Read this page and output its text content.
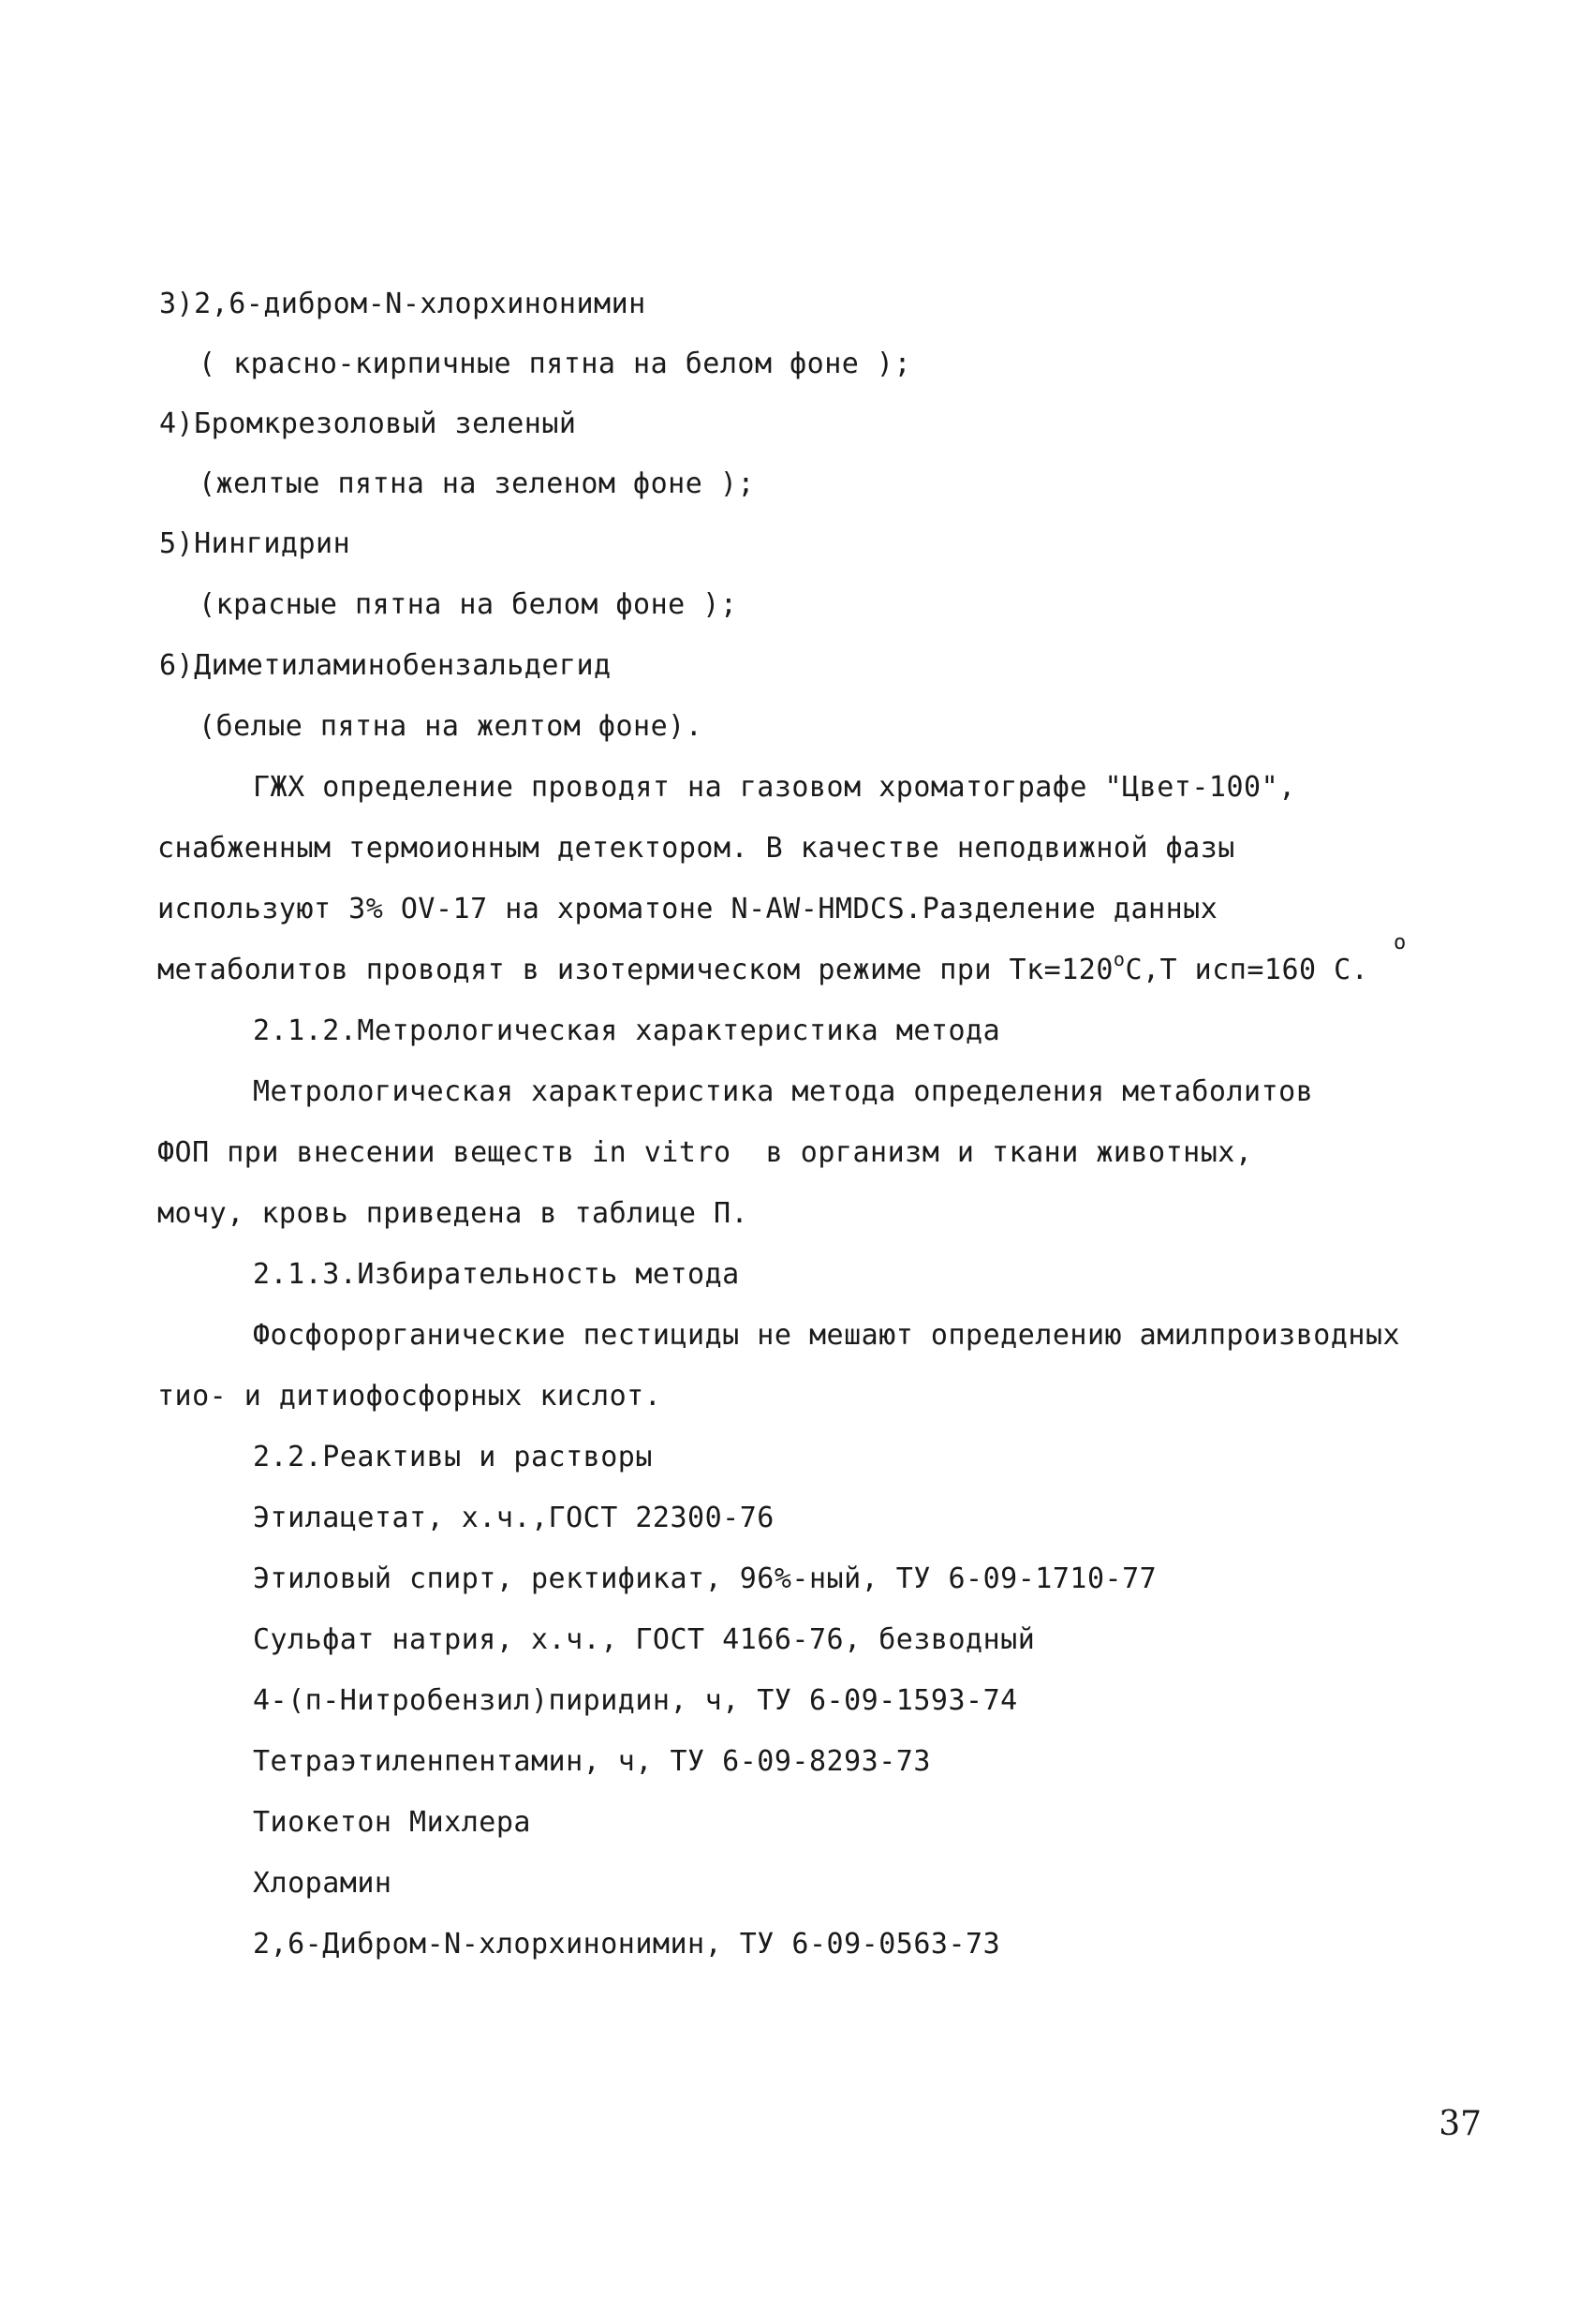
3)2,6-дибром-N-хлорхинонимин
( красно-кирпичные пятна на белом фоне );
4)Бромкрезоловый зеленый
(желтые пятна на зеленом фоне );
5)Нингидрин
(красные пятна на белом фоне );
6)Диметиламинобензальдегид
(белые пятна на желтом фоне).
ГЖХ определение проводят на газовом хроматографе "Цвет-100",
снабженным термоионным детектором. В качестве неподвижной фазы
используют 3% OV-17 на хроматоне N-AW-HMDCS.Разделение данных
o
метаболитов проводят в изотермическом режиме при $Тк=120^oС,Т$ исп=160 С.
2.1.2.Метрологическая характеристика метода
Метрологическая характеристика метода определения метаболитов
ФОП при внесении веществ in vitro  в организм и ткани животных,
мочу, кровь приведена в таблице П.
2.1.3.Избирательность метода
Фосфорорганические пестициды не мешают определению амилпроизводных
тио- и дитиофосфорных кислот.
2.2.Реактивы и растворы
Этилацетат, х.ч.,ГОСТ 22300-76
Этиловый спирт, ректификат, 96%-ный, ТУ 6-09-1710-77
Сульфат натрия, х.ч., ГОСТ 4166-76, безводный
4-(п-Нитробензил)пиридин, ч, ТУ 6-09-1593-74
Тетраэтиленпентамин, ч, ТУ 6-09-8293-73
Тиокетон Михлера
Хлорамин
2,6-Дибром-N-хлорхинонимин, ТУ 6-09-0563-73
37
